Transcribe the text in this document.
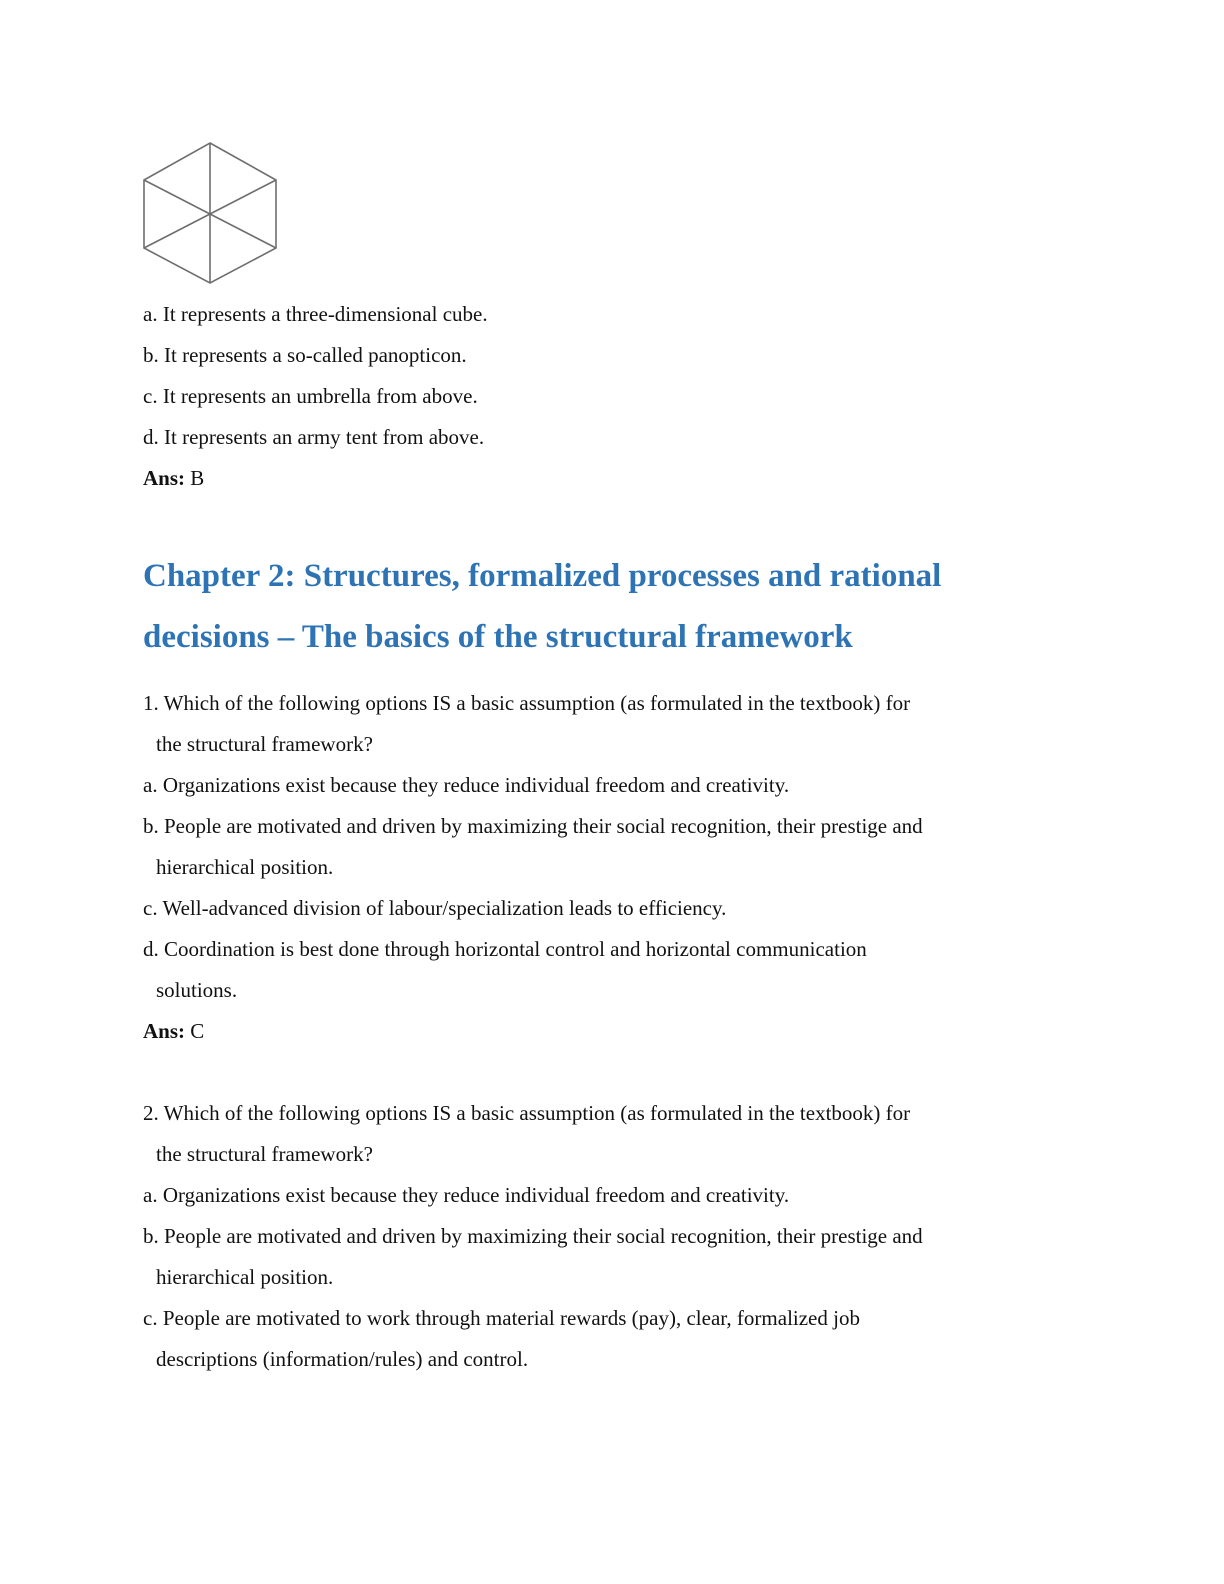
a. It represents a three-dimensional cube.
b. It represents a so-called panopticon.
c. It represents an umbrella from above.
d. It represents an army tent from above.
Ans: B
Chapter 2: Structures, formalized processes and rational
decisions – The basics of the structural framework
1. Which of the following options IS a basic assumption (as formulated in the textbook) for
the structural framework?
a. Organizations exist because they reduce individual freedom and creativity.
b. People are motivated and driven by maximizing their social recognition, their prestige and
hierarchical position.
c. Well-advanced division of labour/specialization leads to efficiency.
d. Coordination is best done through horizontal control and horizontal communication
solutions.
Ans: C
2. Which of the following options IS a basic assumption (as formulated in the textbook) for
the structural framework?
a. Organizations exist because they reduce individual freedom and creativity.
b. People are motivated and driven by maximizing their social recognition, their prestige and
hierarchical position.
c. People are motivated to work through material rewards (pay), clear, formalized job
descriptions (information/rules) and control.
